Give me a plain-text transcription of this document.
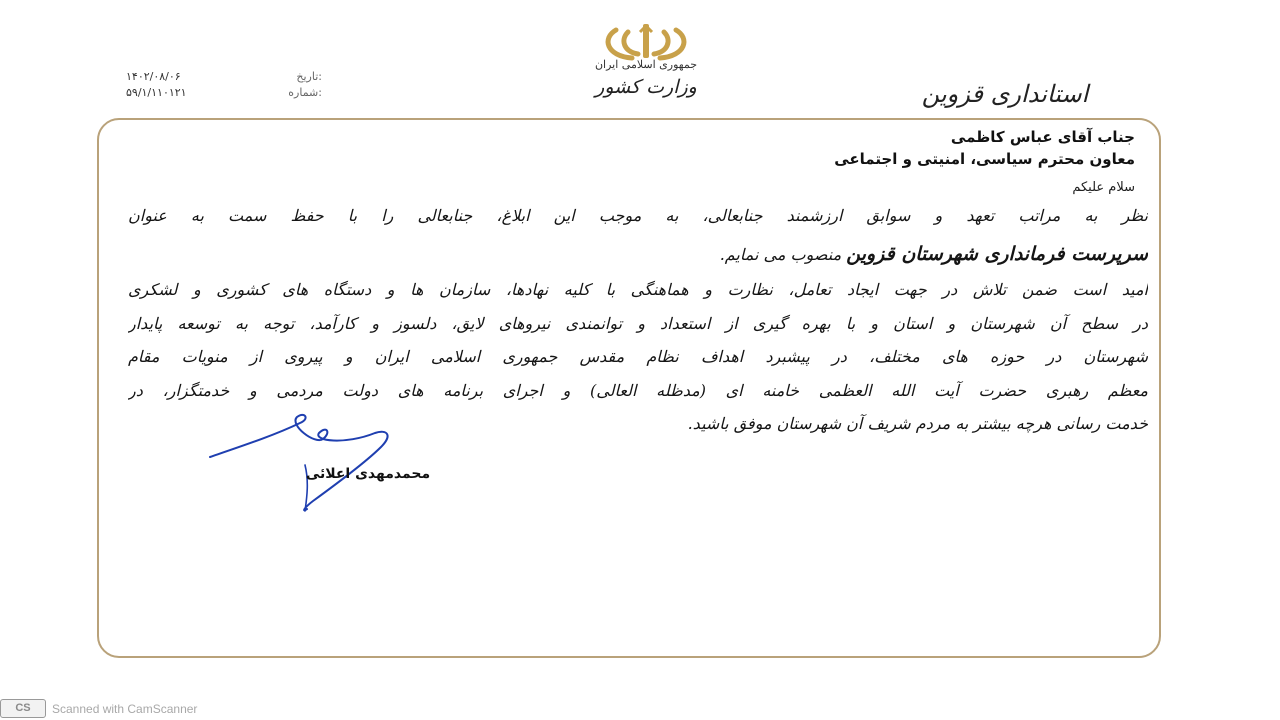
جمهوری اسلامی ایران
وزارت کشور	استانداری قزوین
تاریخ:
۱۴۰۲/۰۸/۰۶
شماره:
۵۹/۱/۱۱۰۱۲۱
جناب آقای عباس کاظمی
معاون محترم سیاسی، امنیتی و اجتماعی
سلام علیکم
نظر به مراتب تعهد و سوابق ارزشمند جنابعالی، به موجب این ابلاغ، جنابعالی را با حفظ سمت به عنوان
سرپرست فرمانداری شهرستان قزوین منصوب می نمایم.
امید است ضمن تلاش در جهت ایجاد تعامل، نظارت و هماهنگی با کلیه نهادها، سازمان ها و دستگاه های کشوری و لشکری
در سطح آن شهرستان و استان و با بهره گیری از استعداد و توانمندی نیروهای لایق، دلسوز و کارآمد، توجه به توسعه پایدار
شهرستان در حوزه های مختلف، در پیشبرد اهداف نظام مقدس جمهوری اسلامی ایران و پیروی از منویات مقام
معظم رهبری حضرت آیت الله العظمی خامنه ای (مدظله العالی) و اجرای برنامه های دولت مردمی و خدمتگزار، در
خدمت رسانی هرچه بیشتر به مردم شریف آن شهرستان موفق باشید.
محمدمهدی اعلائی
CS	Scanned with CamScanner
